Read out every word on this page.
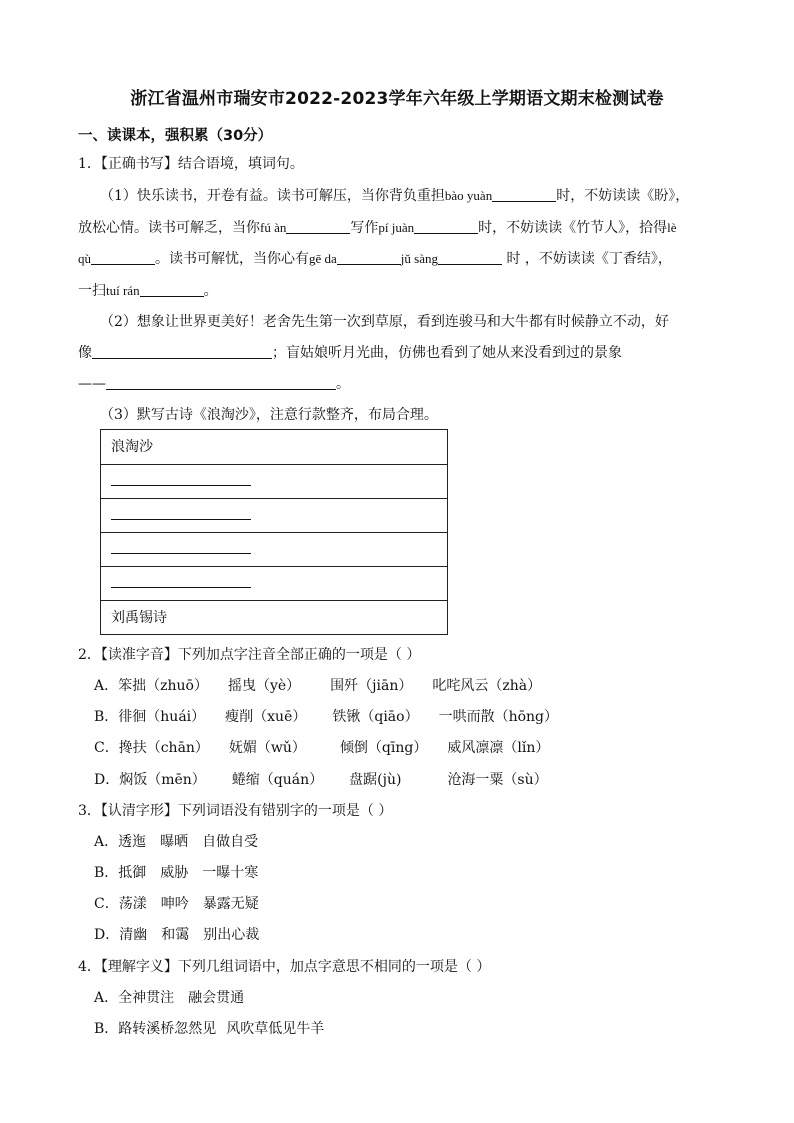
浙江省温州市瑞安市2022-2023学年六年级上学期语文期末检测试卷
一、读课本，强积累（30分）
1．【正确书写】结合语境，填词句。
（1）快乐读书，开卷有益。读书可解压，当你背负重担bào yuàn	时，不妨读读《盼》，
放松心情。读书可解乏，当你fú àn	写作pí juàn	时，不妨读读《竹节人》，拾得lè
qù	。读书可解忧，当你心有gē da	jǔ sàng	时 ，不妨读读《丁香结》，
一扫tuí rán	。
（2）想象让世界更美好！老舍先生第一次到草原，看到连骏马和大牛都有时候静立不动，好
像	；盲姑娘听月光曲，仿佛也看到了她从来没看到过的景象
——	。
（3）默写古诗《浪淘沙》，注意行款整齐，布局合理。
浪淘沙
刘禹锡诗
2．【读准字音】下列加点字注音全部正确的一项是（ ）
A．笨拙（zhuō） 摇曳（yè） 围歼（jiān） 叱咤风云（zhà）
B．徘徊（huái） 瘦削（xuē） 铁锹（qiāo） 一哄而散（hōng）
C．搀扶（chān） 妩媚（wǔ） 倾倒（qīng） 威风凛凛（lǐn）
D．焖饭（mēn） 蜷缩（quán） 盘踞(jù)	沧海一粟（sù）
3．【认清字形】下列词语没有错别字的一项是（ ）
A．透迤 曝晒 自做自受
B．抵御 威胁 一曝十寒
C．荡漾 呻吟 暴露无疑
D．清幽 和霭 别出心裁
4．【理解字义】下列几组词语中，加点字意思不相同的一项是（ ）
A．全神贯注 融会贯通
B．路转溪桥忽然见 风吹草低见牛羊
